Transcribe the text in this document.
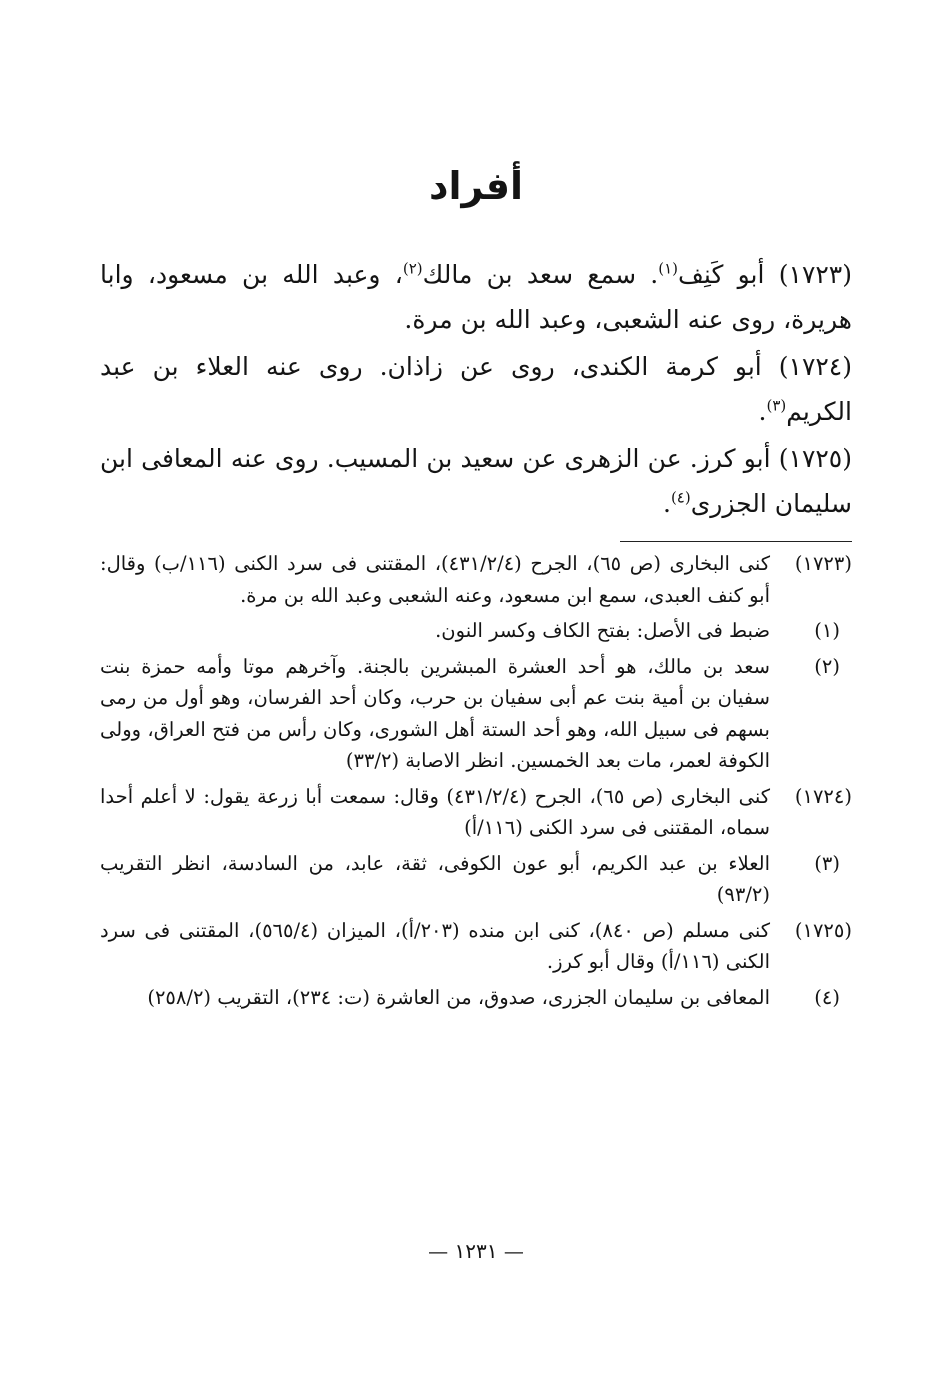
أفراد

(١٧٢٣) أبو كَنِف$^{(١)}$. سمع سعد بن مالك$^{(٢)}$، وعبد الله بن مسعود، وابا هريرة، روى عنه الشعبى، وعبد الله بن مرة.

(١٧٢٤) أبو كرمة الكندى، روى عن زاذان. روى عنه العلاء بن عبد الكريم$^{(٣)}$.

(١٧٢٥) أبو كرز. عن الزهرى عن سعيد بن المسيب. روى عنه المعافى ابن سليمان الجزرى$^{(٤)}$.

(١٧٢٣)
كنى البخارى (ص ٦٥)، الجرح (٤٣١/٢/٤)، المقتنى فى سرد الكنى (١١٦/ب) وقال: أبو كنف العبدى، سمع ابن مسعود، وعنه الشعبى وعبد الله بن مرة.
(١)
ضبط فى الأصل: بفتح الكاف وكسر النون.
(٢)
سعد بن مالك، هو أحد العشرة المبشرين بالجنة. وآخرهم موتا وأمه حمزة بنت سفيان بن أمية بنت عم أبى سفيان بن حرب، وكان أحد الفرسان، وهو أول من رمى بسهم فى سبيل الله، وهو أحد الستة أهل الشورى، وكان رأس من فتح العراق، وولى الكوفة لعمر، مات بعد الخمسين. انظر الاصابة (٣٣/٢)
(١٧٢٤)
كنى البخارى (ص ٦٥)، الجرح (٤٣١/٢/٤) وقال: سمعت أبا زرعة يقول: لا أعلم أحدا سماه، المقتنى فى سرد الكنى (١١٦/أ)
(٣)
العلاء بن عبد الكريم، أبو عون الكوفى، ثقة، عابد، من السادسة، انظر التقريب (٩٣/٢)
(١٧٢٥)
كنى مسلم (ص ٨٤٠)، كنى ابن منده (٢٠٣/أ)، الميزان (٥٦٥/٤)، المقتنى فى سرد الكنى (١١٦/أ) وقال أبو كرز.
(٤)
المعافى بن سليمان الجزرى، صدوق، من العاشرة (ت: ٢٣٤)، التقريب (٢٥٨/٢)
— ١٢٣١ —
